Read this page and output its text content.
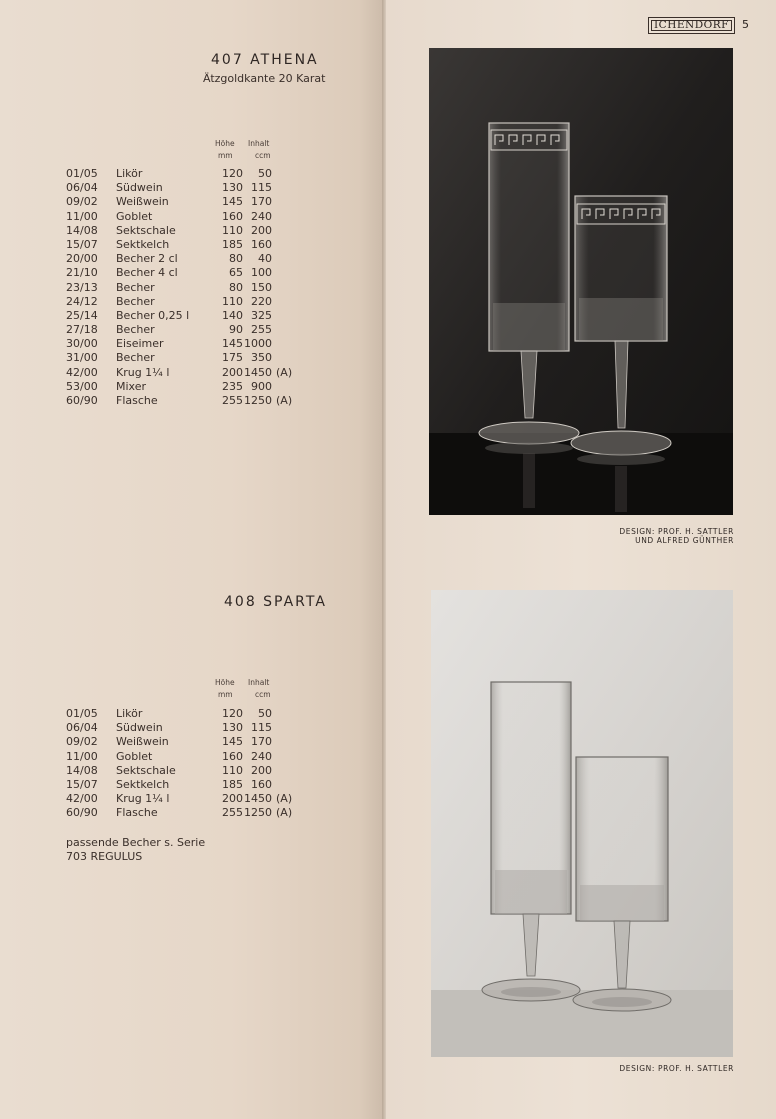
ICHENDORF	5
407 ATHENA
Ätzgoldkante 20 Karat
Höhe Inhalt
mm	ccm
01/05 Likör	120	50
06/04 Südwein	130 115
09/02 Weißwein	145 170
11/00 Goblet	160 240
14/08 Sektschale	110 200
15/07 Sektkelch	185 160
20/00 Becher 2 cl	80	40
21/10 Becher 4 cl	65 100
23/13 Becher	80 150
24/12 Becher	110 220
25/14 Becher 0,25 l	140 325
27/18 Becher	90 255
30/00 Eiseimer	145 1000
31/00 Becher	175 350
42/00 Krug 1¼ l	200 1450 (A)
53/00 Mixer	235 900
60/90 Flasche	255 1250 (A)
DESIGN: PROF. H. SATTLER
UND ALFRED GÜNTHER
408 SPARTA
Höhe Inhalt
mm	ccm
01/05 Likör	120	50
06/04 Südwein	130 115
09/02 Weißwein	145 170
11/00 Goblet	160 240
14/08 Sektschale	110 200
15/07 Sektkelch	185 160
42/00 Krug 1¼ l	200 1450 (A)
60/90 Flasche	255 1250 (A)
passende Becher s. Serie
703 REGULUS
DESIGN: PROF. H. SATTLER
